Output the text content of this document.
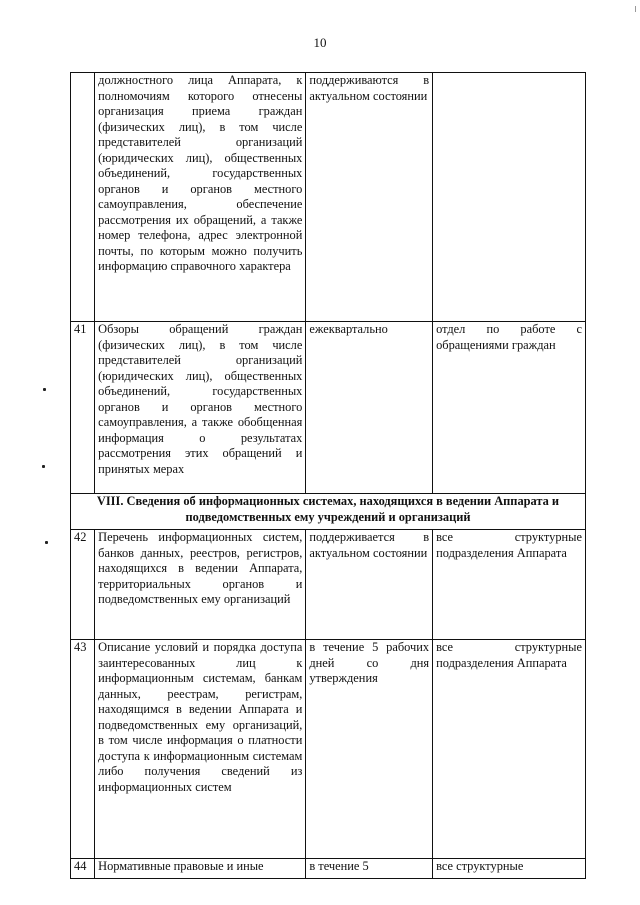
10
	должностного лица Аппарата, к полномочиям которого отнесены организация приема граждан (физических лиц), в том числе представителей организаций (юридических лиц), общественных объединений, государственных органов и органов местного самоуправления, обеспечение рассмотрения их обращений, а также номер телефона, адрес электронной почты, по которым можно получить информацию справочного характера	поддерживаются в актуальном состоянии	
41	Обзоры обращений граждан (физических лиц), в том числе представителей организаций (юридических лиц), общественных объединений, государственных органов и органов местного самоуправления, а также обобщенная информация о результатах рассмотрения этих обращений и принятых мерах	ежеквартально	отдел по работе с обращениями граждан
VIII. Сведения об информационных системах, находящихся в ведении Аппарата и подведомственных ему учреждений и организаций			
42	Перечень информационных систем, банков данных, реестров, регистров, находящихся в ведении Аппарата, территориальных органов и подведомственных ему организаций	поддерживается в актуальном состоянии	все структурные подразделения Аппарата
43	Описание условий и порядка доступа заинтересованных лиц к информационным системам, банкам данных, реестрам, регистрам, находящимся в ведении Аппарата и подведомственных ему организаций, в том числе информация о платности доступа к информационным системам либо получения сведений из информационных систем	в течение 5 рабочих дней со дня утверждения	все структурные подразделения Аппарата
44	Нормативные правовые и иные	в течение 5	все структурные
